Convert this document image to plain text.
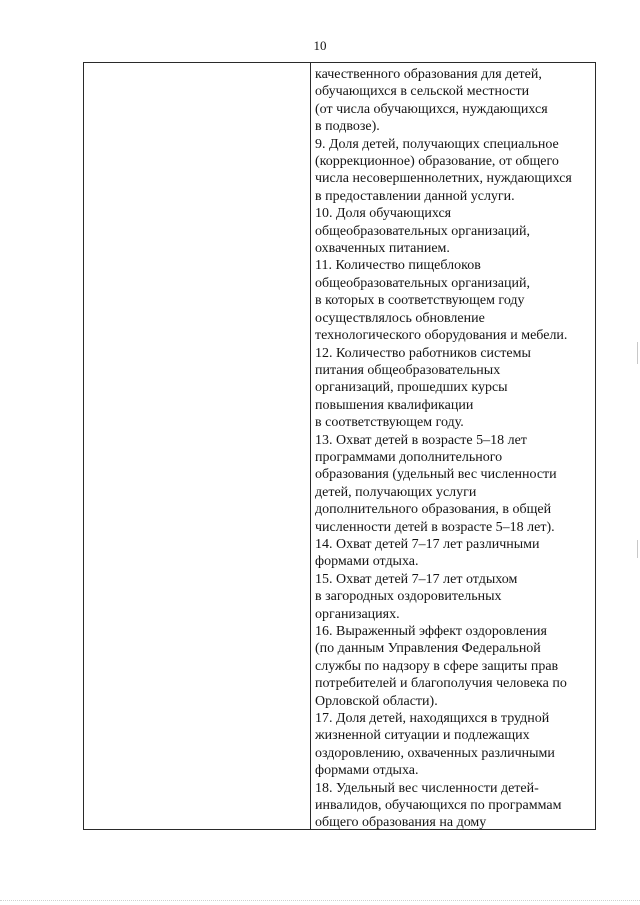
10
качественного образования для детей,
обучающихся в сельской местности
(от числа обучающихся, нуждающихся
в подвозе).
9. Доля детей, получающих специальное
(коррекционное) образование, от общего
числа несовершеннолетних, нуждающихся
в предоставлении данной услуги.
10. Доля обучающихся
общеобразовательных организаций,
охваченных питанием.
11. Количество пищеблоков
общеобразовательных организаций,
в которых в соответствующем году
осуществлялось обновление
технологического оборудования и мебели.
12. Количество работников системы
питания общеобразовательных
организаций, прошедших курсы
повышения квалификации
в соответствующем году.
13. Охват детей в возрасте 5–18 лет
программами дополнительного
образования (удельный вес численности
детей, получающих услуги
дополнительного образования, в общей
численности детей в возрасте 5–18 лет).
14. Охват детей 7–17 лет различными
формами отдыха.
15. Охват детей 7–17 лет отдыхом
в загородных оздоровительных
организациях.
16. Выраженный эффект оздоровления
(по данным Управления Федеральной
службы по надзору в сфере защиты прав
потребителей и благополучия человека по
Орловской области).
17. Доля детей, находящихся в трудной
жизненной ситуации и подлежащих
оздоровлению, охваченных различными
формами отдыха.
18. Удельный вес численности детей-
инвалидов, обучающихся по программам
общего образования на дому
